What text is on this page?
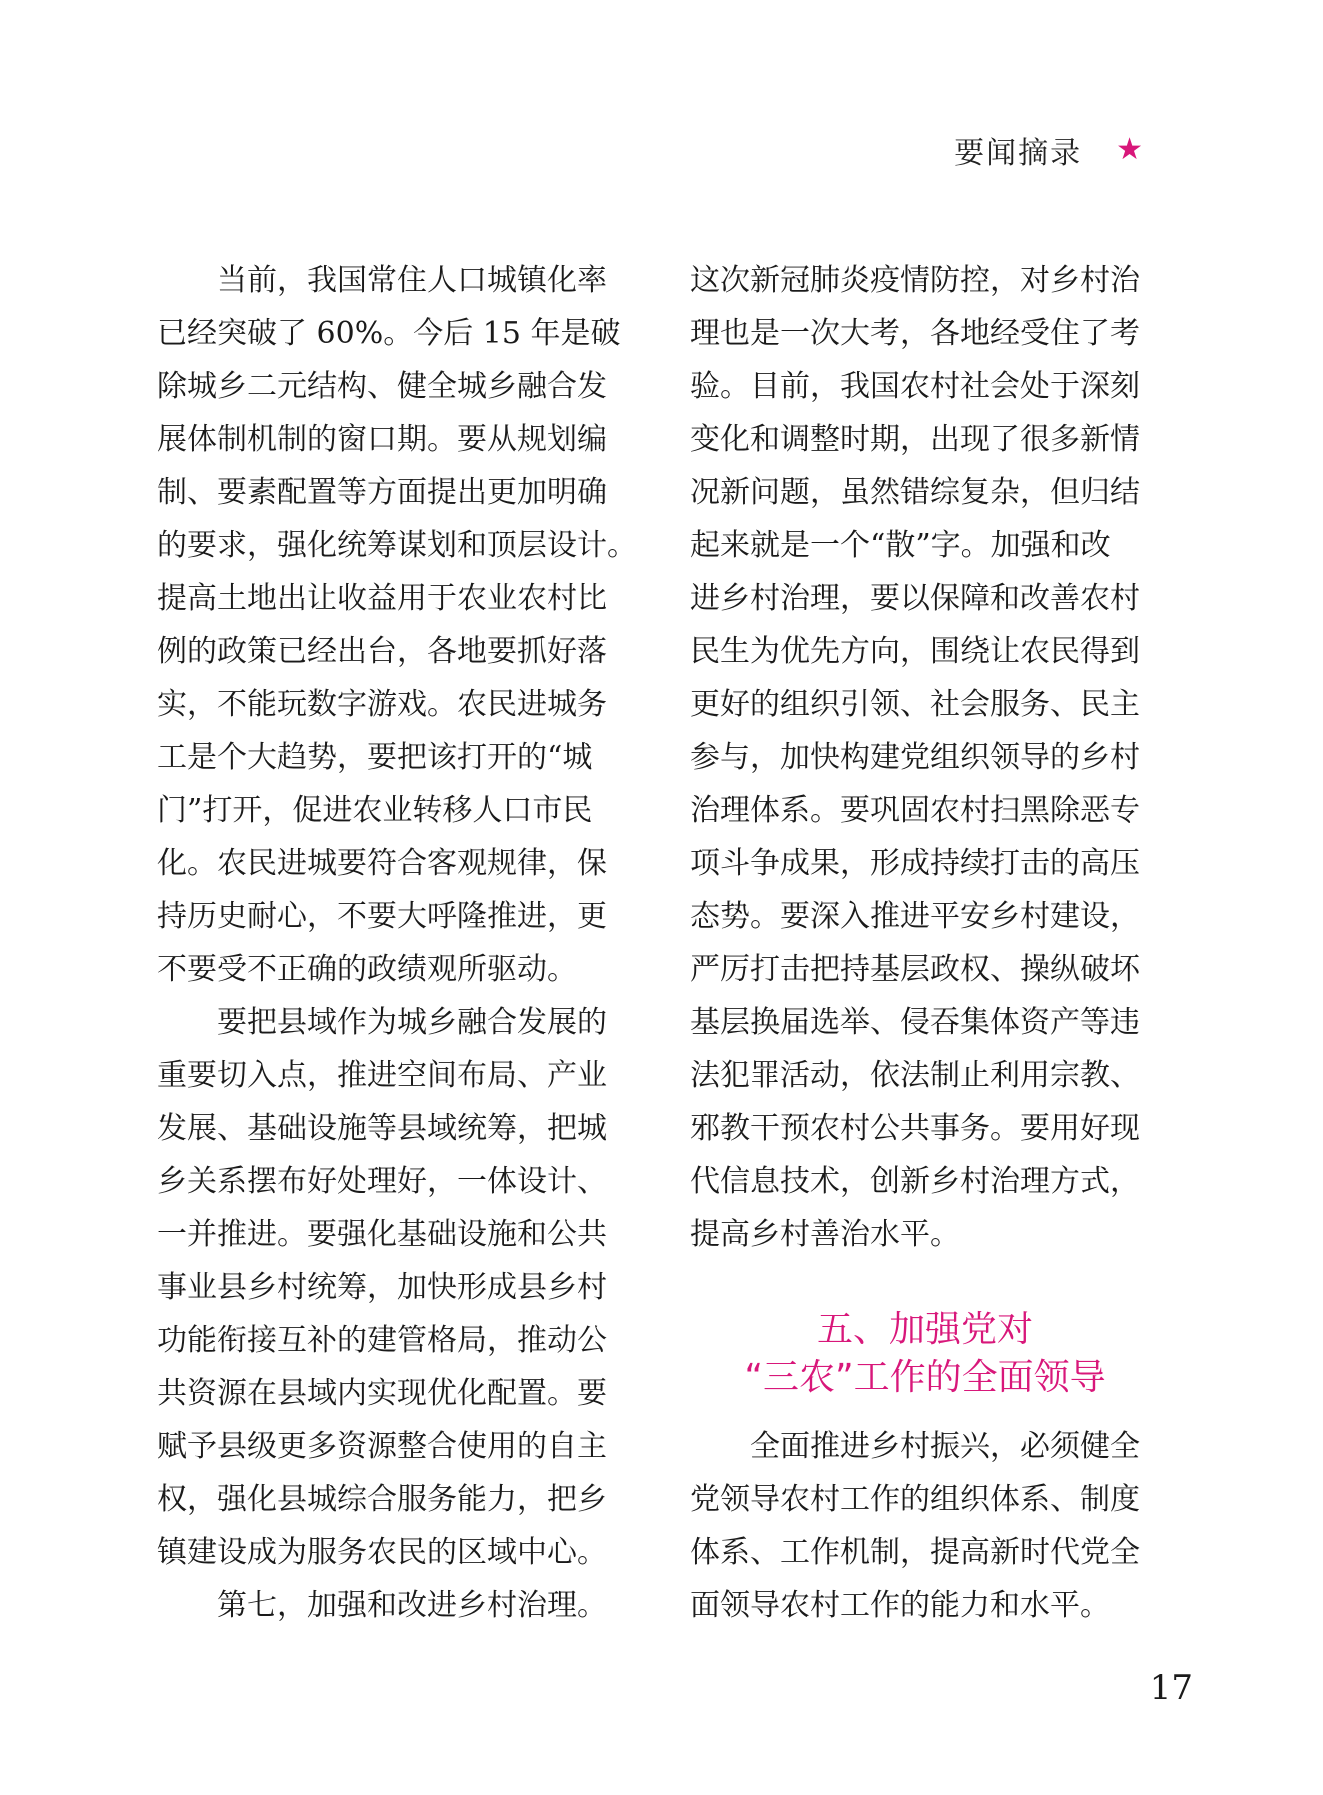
要闻摘录 ★
　　当前，我国常住人口城镇化率
已经突破了 60%。今后 15 年是破
除城乡二元结构、健全城乡融合发
展体制机制的窗口期。要从规划编
制、要素配置等方面提出更加明确
的要求，强化统筹谋划和顶层设计。
提高土地出让收益用于农业农村比
例的政策已经出台，各地要抓好落
实，不能玩数字游戏。农民进城务
工是个大趋势，要把该打开的“城
门”打开，促进农业转移人口市民
化。农民进城要符合客观规律，保
持历史耐心，不要大呼隆推进，更
不要受不正确的政绩观所驱动。
　　要把县域作为城乡融合发展的
重要切入点，推进空间布局、产业
发展、基础设施等县域统筹，把城
乡关系摆布好处理好，一体设计、
一并推进。要强化基础设施和公共
事业县乡村统筹，加快形成县乡村
功能衔接互补的建管格局，推动公
共资源在县域内实现优化配置。要
赋予县级更多资源整合使用的自主
权，强化县城综合服务能力，把乡
镇建设成为服务农民的区域中心。
　　第七，加强和改进乡村治理。
这次新冠肺炎疫情防控，对乡村治
理也是一次大考，各地经受住了考
验。目前，我国农村社会处于深刻
变化和调整时期，出现了很多新情
况新问题，虽然错综复杂，但归结
起来就是一个“散”字。加强和改
进乡村治理，要以保障和改善农村
民生为优先方向，围绕让农民得到
更好的组织引领、社会服务、民主
参与，加快构建党组织领导的乡村
治理体系。要巩固农村扫黑除恶专
项斗争成果，形成持续打击的高压
态势。要深入推进平安乡村建设，
严厉打击把持基层政权、操纵破坏
基层换届选举、侵吞集体资产等违
法犯罪活动，依法制止利用宗教、
邪教干预农村公共事务。要用好现
代信息技术，创新乡村治理方式，
提高乡村善治水平。
五、加强党对
“三农”工作的全面领导
　　全面推进乡村振兴，必须健全
党领导农村工作的组织体系、制度
体系、工作机制，提高新时代党全
面领导农村工作的能力和水平。
17
